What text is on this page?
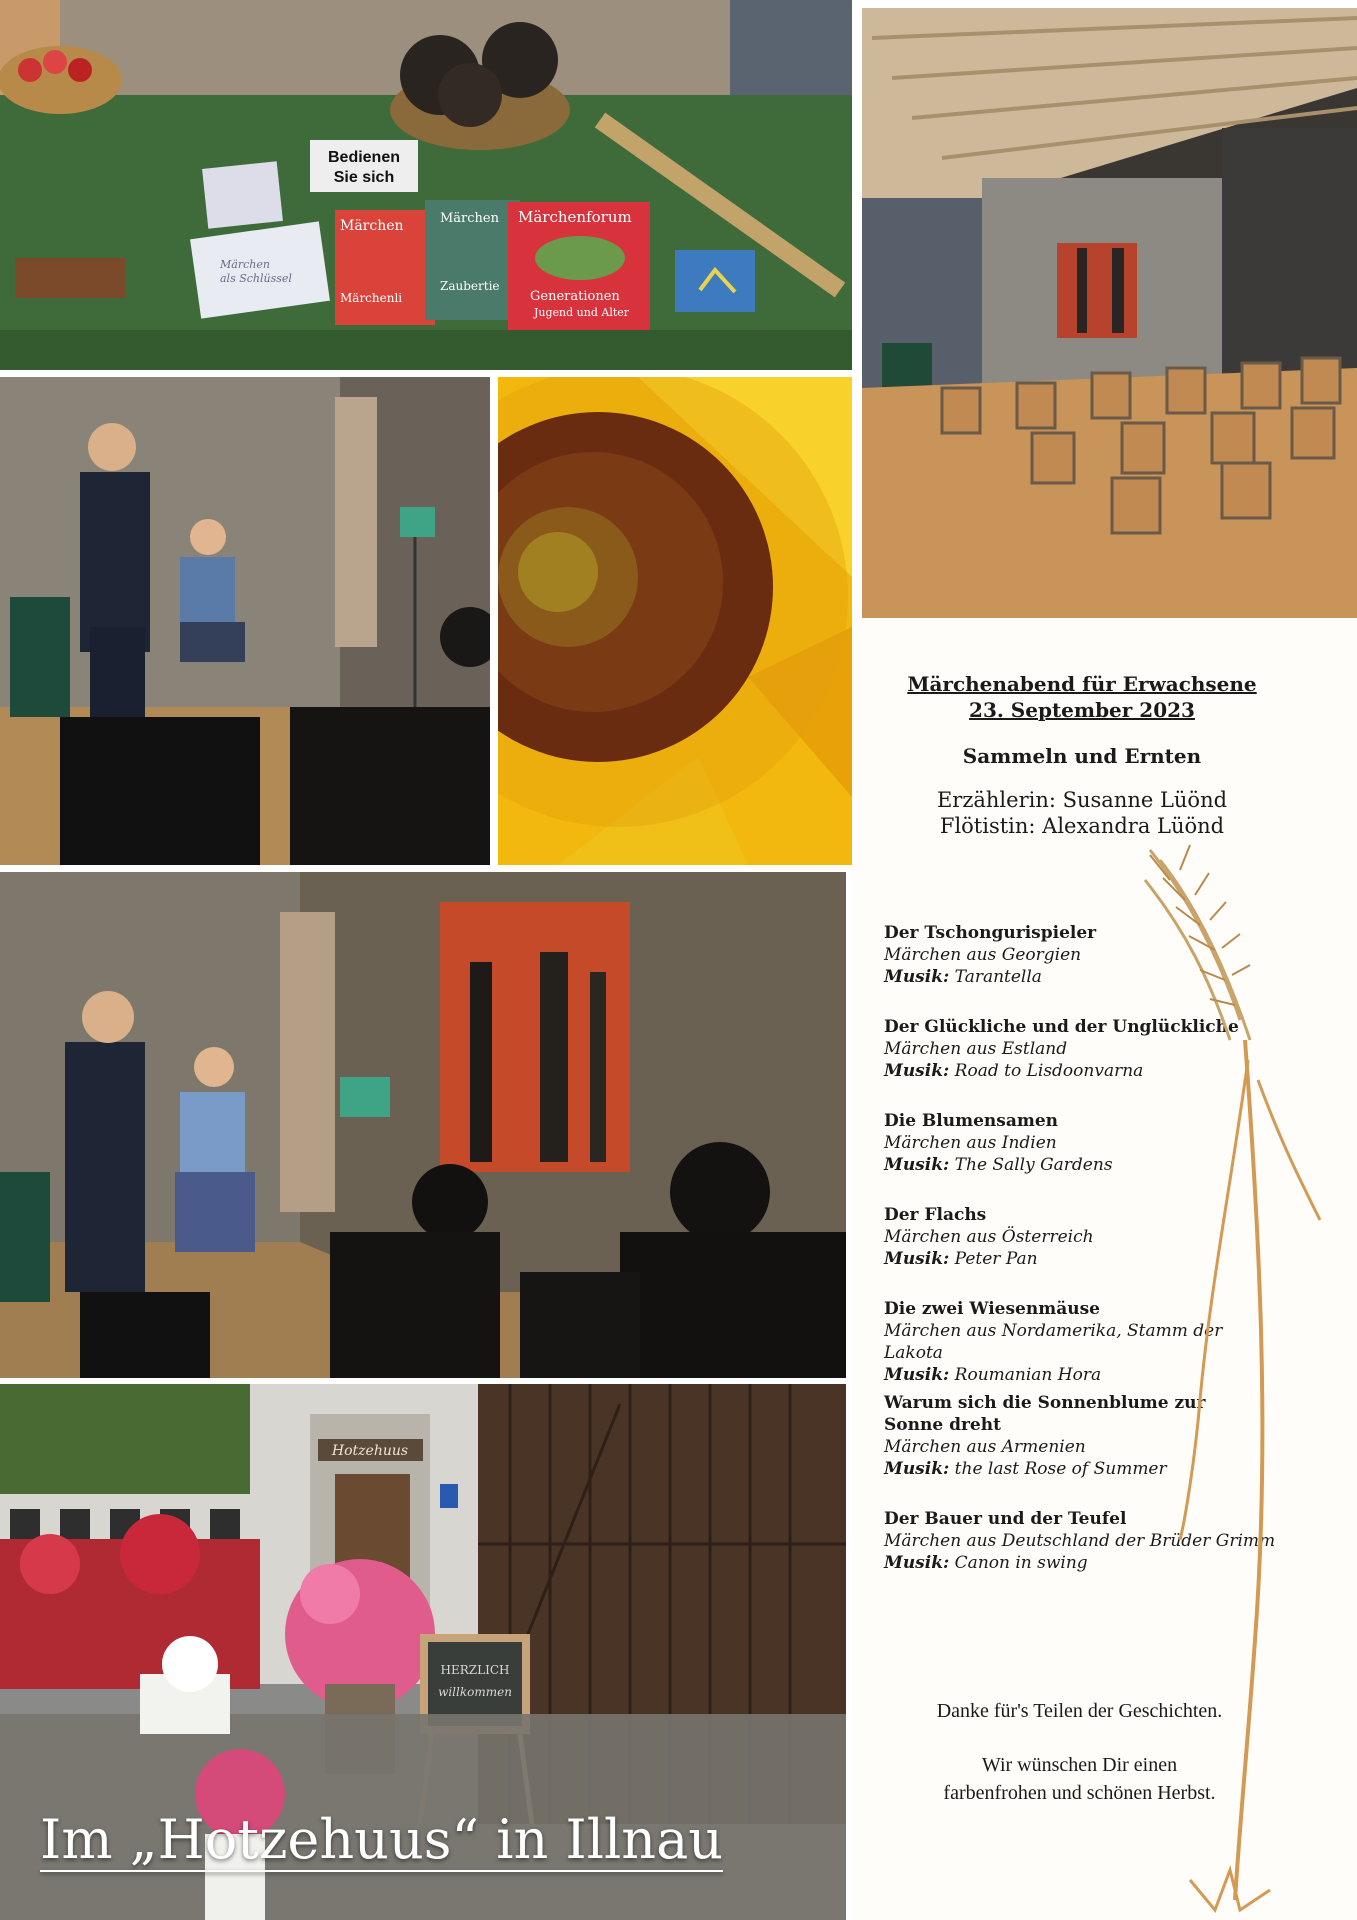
Bedienen
Sie sich
Märchen
als Schlüssel
Märchen
Märchenli
Märchen
Zaubertie
Märchenforum
Generationen
Jugend und Alter
Hotzehuus
HERZLICH
willkommen
Im „Hotzehuus“ in Illnau
Märchenabend für Erwachsene
23. September 2023
Sammeln und Ernten
Erzählerin: Susanne Lüönd
Flötistin: Alexandra Lüönd
Der Tschongurispieler
Märchen aus Georgien
Musik: Tarantella
Der Glückliche und der Unglückliche
Märchen aus Estland
Musik: Road to Lisdoonvarna
Die Blumensamen
Märchen aus Indien
Musik: The Sally Gardens
Der Flachs
Märchen aus Österreich
Musik: Peter Pan
Die zwei Wiesenmäuse
Märchen aus Nordamerika, Stamm der Lakota
Musik: Roumanian Hora
Warum sich die Sonnenblume zur Sonne dreht
Märchen aus Armenien
Musik: the last Rose of Summer
Der Bauer und der Teufel
Märchen aus Deutschland der Brüder Grimm
Musik: Canon in swing
Danke für's Teilen der Geschichten.
Wir wünschen Dir einen
farbenfrohen und schönen Herbst.
